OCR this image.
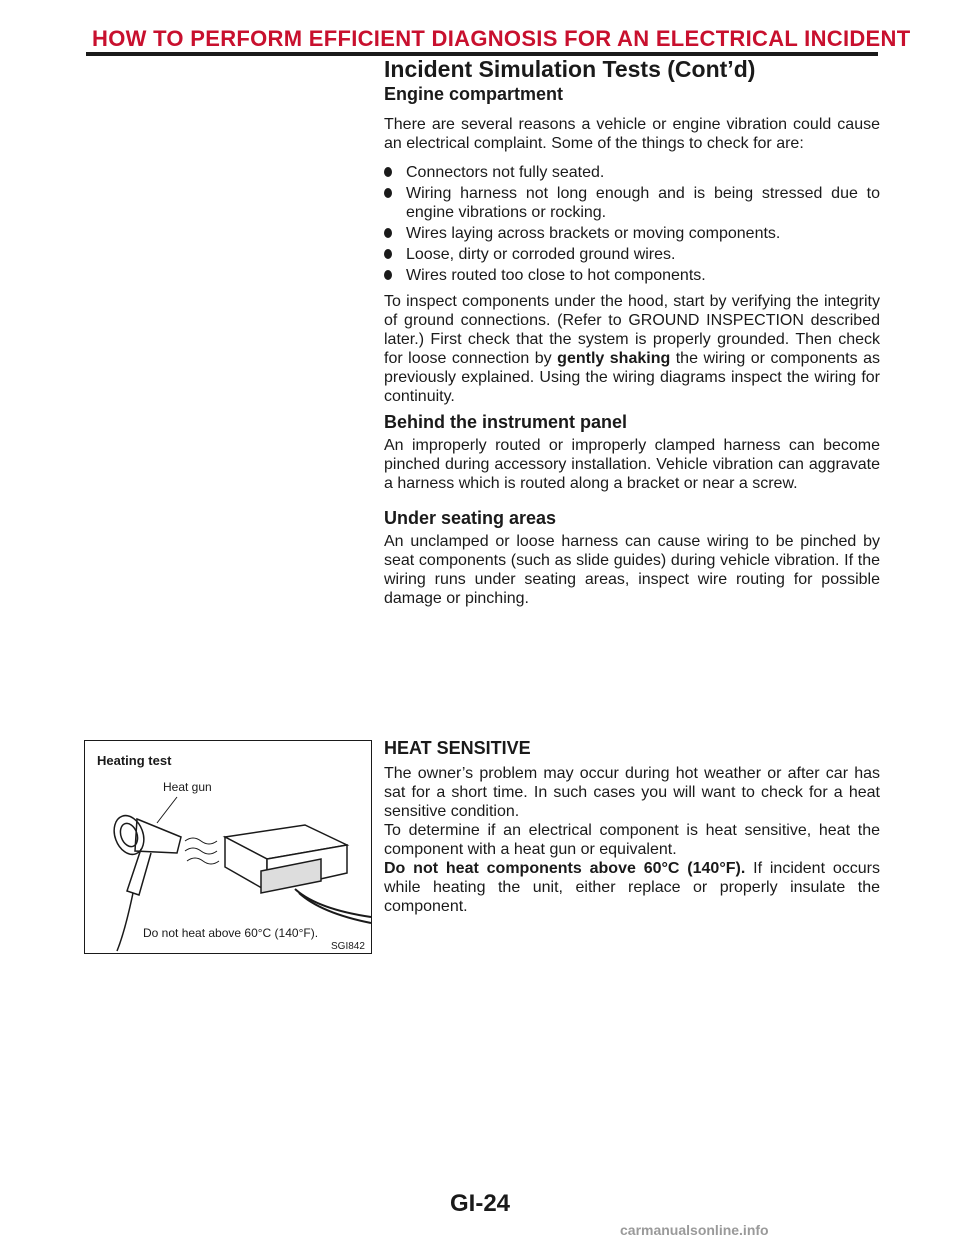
HOW TO PERFORM EFFICIENT DIAGNOSIS FOR AN ELECTRICAL INCIDENT
Incident Simulation Tests (Cont’d)
Engine compartment

There are several reasons a vehicle or engine vibration could cause an electrical complaint. Some of the things to check for are:

Connectors not fully seated.
Wiring harness not long enough and is being stressed due to engine vibrations or rocking.
Wires laying across brackets or moving components.
Loose, dirty or corroded ground wires.
Wires routed too close to hot components.

To inspect components under the hood, start by verifying the integrity of ground connections. (Refer to GROUND INSPECTION described later.) First check that the system is properly grounded. Then check for loose connection by gently shaking the wiring or components as previously explained. Using the wiring diagrams inspect the wiring for continuity.

Behind the instrument panel

An improperly routed or improperly clamped harness can become pinched during accessory installation. Vehicle vibration can aggravate a harness which is routed along a bracket or near a screw.

Under seating areas

An unclamped or loose harness can cause wiring to be pinched by seat components (such as slide guides) during vehicle vibration. If the wiring runs under seating areas, inspect wire routing for possible damage or pinching.

Heating test
Heat gun
Do not heat above 60°C (140°F).
SGI842
HEAT SENSITIVE

The owner’s problem may occur during hot weather or after car has sat for a short time. In such cases you will want to check for a heat sensitive condition.

To determine if an electrical component is heat sensitive, heat the component with a heat gun or equivalent.

Do not heat components above 60°C (140°F). If incident occurs while heating the unit, either replace or properly insulate the component.

GI-24
carmanualsonline.info
